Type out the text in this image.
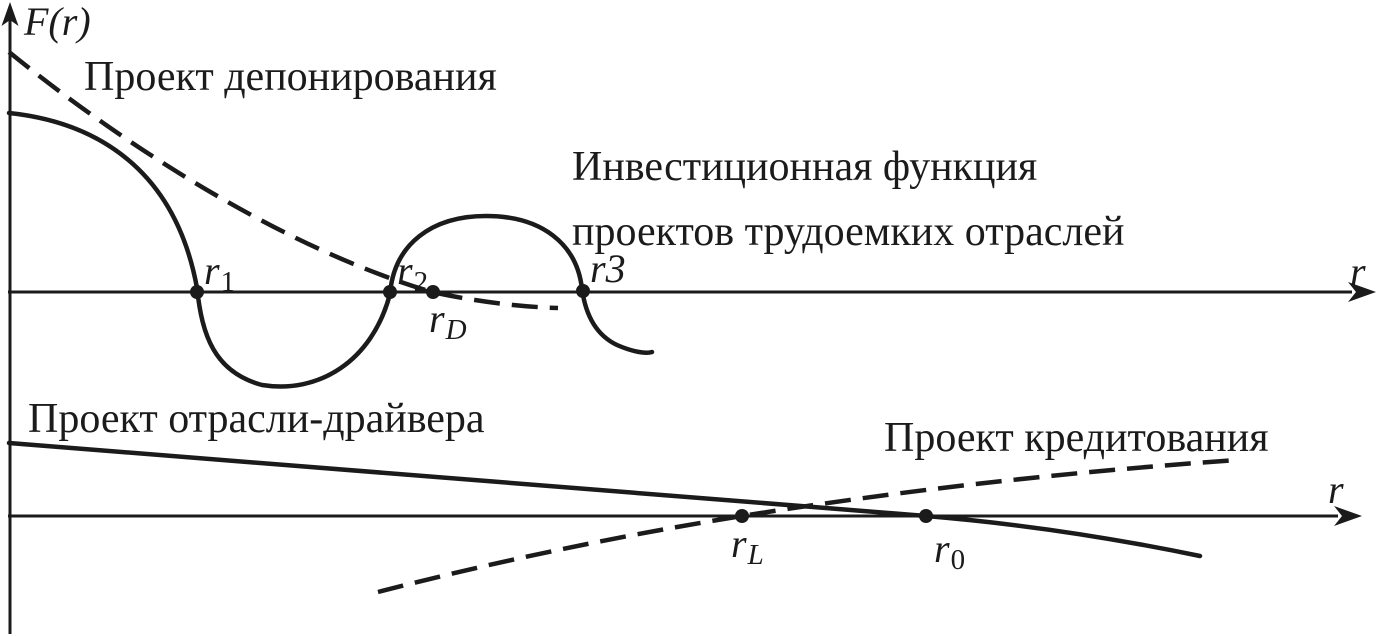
F(r)
r
r
Проект депонирования
Инвестиционная функция
проектов трудоемких отраслей
Проект отрасли-драйвера	Проект кредитования
$r_1$	$r_2$
$r_D$
r3
$r_L$	$r_0$
